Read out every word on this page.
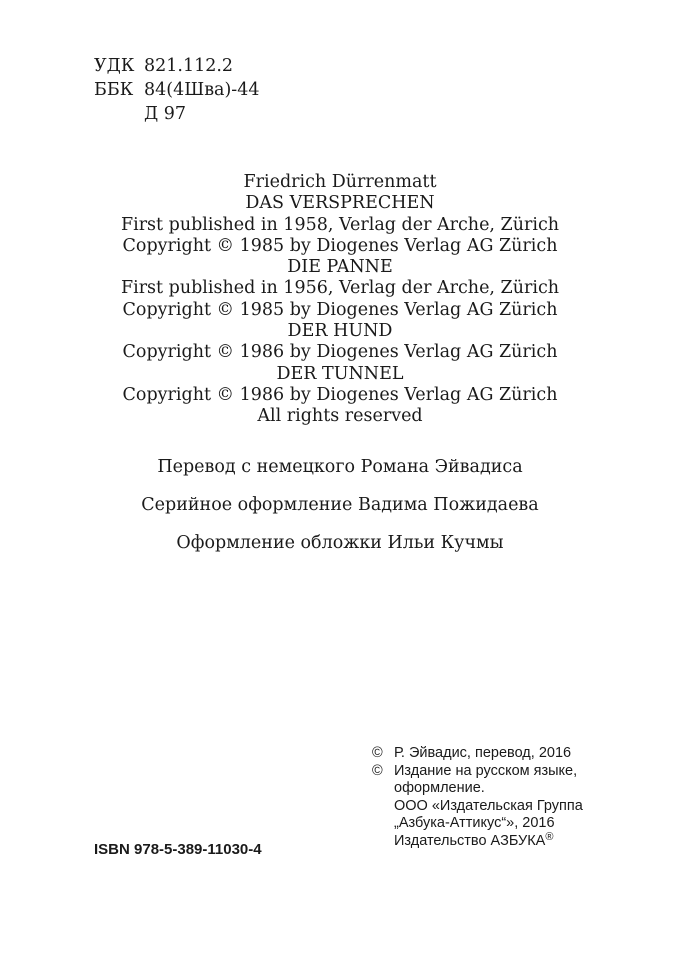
УДК 821.112.2
ББК 84(4Шва)-44
Д 97
Friedrich Dürrenmatt
DAS VERSPRECHEN
First published in 1958, Verlag der Arche, Zürich
Copyright © 1985 by Diogenes Verlag AG Zürich
DIE PANNE
First published in 1956, Verlag der Arche, Zürich
Copyright © 1985 by Diogenes Verlag AG Zürich
DER HUND
Copyright © 1986 by Diogenes Verlag AG Zürich
DER TUNNEL
Copyright © 1986 by Diogenes Verlag AG Zürich
All rights reserved
Перевод с немецкого Романа Эйвадиса
Серийное оформление Вадима Пожидаева
Оформление обложки Ильи Кучмы
ISBN 978-5-389-11030-4
© Р. Эйвадис, перевод, 2016
© Издание на русском языке,
оформление.
ООО «Издательская Группа
„Азбука-Аттикус“», 2016
Издательство АЗБУКА®
